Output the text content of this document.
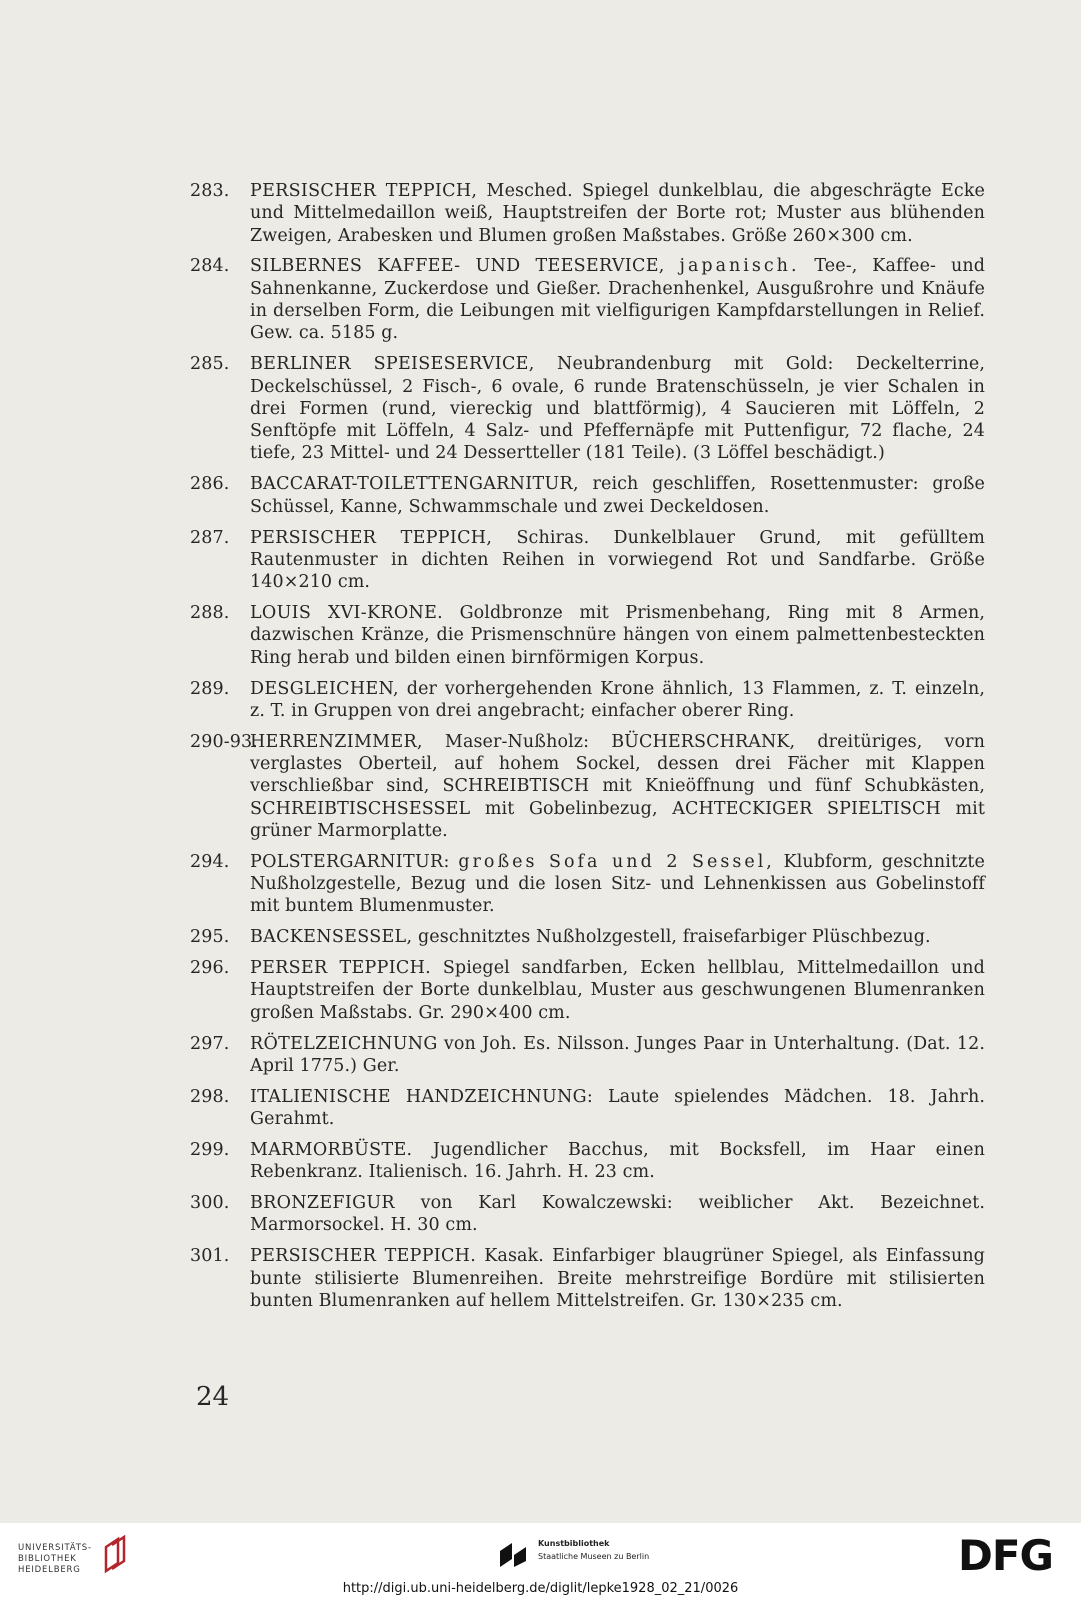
283. PERSISCHER TEPPICH, Mesched. Spiegel dunkelblau, die abgeschrägte Ecke und Mittelmedaillon weiß, Hauptstreifen der Borte rot; Muster aus blühenden Zweigen, Arabesken und Blumen großen Maßstabes. Größe 260×300 cm.
284. SILBERNES KAFFEE- UND TEESERVICE, japanisch. Tee-, Kaffee- und Sahnenkanne, Zuckerdose und Gießer. Drachenhenkel, Ausgußrohre und Knäufe in derselben Form, die Leibungen mit vielfigurigen Kampfdarstellungen in Relief. Gew. ca. 5185 g.
285. BERLINER SPEISESERVICE, Neubrandenburg mit Gold: Deckelterrine, Deckelschüssel, 2 Fisch-, 6 ovale, 6 runde Bratenschüsseln, je vier Schalen in drei Formen (rund, viereckig und blattförmig), 4 Saucieren mit Löffeln, 2 Senftöpfe mit Löffeln, 4 Salz- und Pfeffernäpfe mit Puttenfigur, 72 flache, 24 tiefe, 23 Mittel- und 24 Dessertteller (181 Teile). (3 Löffel beschädigt.)
286. BACCARAT-TOILETTENGARNITUR, reich geschliffen, Rosettenmuster: große Schüssel, Kanne, Schwammschale und zwei Deckeldosen.
287. PERSISCHER TEPPICH, Schiras. Dunkelblauer Grund, mit gefülltem Rautenmuster in dichten Reihen in vorwiegend Rot und Sandfarbe. Größe 140×210 cm.
288. LOUIS XVI-KRONE. Goldbronze mit Prismenbehang, Ring mit 8 Armen, dazwischen Kränze, die Prismenschnüre hängen von einem palmettenbesteckten Ring herab und bilden einen birnförmigen Korpus.
289. DESGLEICHEN, der vorhergehenden Krone ähnlich, 13 Flammen, z. T. einzeln, z. T. in Gruppen von drei angebracht; einfacher oberer Ring.
290-93.
HERRENZIMMER, Maser-Nußholz: BÜCHERSCHRANK, dreitüriges, vorn verglastes Oberteil, auf hohem Sockel, dessen drei Fächer mit Klappen verschließbar sind, SCHREIBTISCH mit Knieöffnung und fünf Schubkästen, SCHREIBTISCHSESSEL mit Gobelinbezug, ACHTECKIGER SPIELTISCH mit grüner Marmorplatte.
294. POLSTERGARNITUR: großes Sofa und 2 Sessel, Klubform, geschnitzte Nußholzgestelle, Bezug und die losen Sitz- und Lehnenkissen aus Gobelinstoff mit buntem Blumenmuster.
295. BACKENSESSEL, geschnitztes Nußholzgestell, fraisefarbiger Plüschbezug.
296. PERSER TEPPICH. Spiegel sandfarben, Ecken hellblau, Mittelmedaillon und Hauptstreifen der Borte dunkelblau, Muster aus geschwungenen Blumenranken großen Maßstabs. Gr. 290×400 cm.
297. RÖTELZEICHNUNG von Joh. Es. Nilsson. Junges Paar in Unterhaltung. (Dat. 12. April 1775.) Ger.
298. ITALIENISCHE HANDZEICHNUNG: Laute spielendes Mädchen. 18. Jahrh. Gerahmt.
299. MARMORBÜSTE. Jugendlicher Bacchus, mit Bocksfell, im Haar einen Rebenkranz. Italienisch. 16. Jahrh. H. 23 cm.
300. BRONZEFIGUR von Karl Kowalczewski: weiblicher Akt. Bezeichnet. Marmorsockel. H. 30 cm.
301. PERSISCHER TEPPICH. Kasak. Einfarbiger blaugrüner Spiegel, als Einfassung bunte stilisierte Blumenreihen. Breite mehrstreifige Bordüre mit stilisierten bunten Blumenranken auf hellem Mittelstreifen. Gr. 130×235 cm.
24
UNIVERSITÄTS-
BIBLIOTHEK
HEIDELBERG
Kunstbibliothek
Staatliche Museen zu Berlin	DFG
http://digi.ub.uni-heidelberg.de/diglit/lepke1928_02_21/0026
